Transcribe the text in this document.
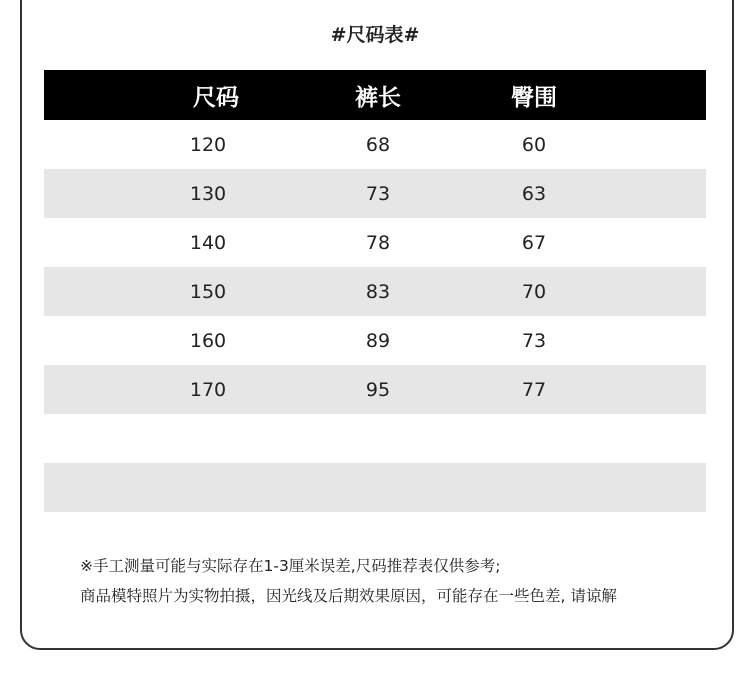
#尺码表#
尺码	裤长	臀围
120	68	60
130	73	63
140	78	67
150	83	70
160	89	73
170	95	77
※手工测量可能与实际存在1-3厘米误差,尺码推荐表仅供参考;
商品模特照片为实物拍摄，因光线及后期效果原因，可能存在一些色差, 请谅解
